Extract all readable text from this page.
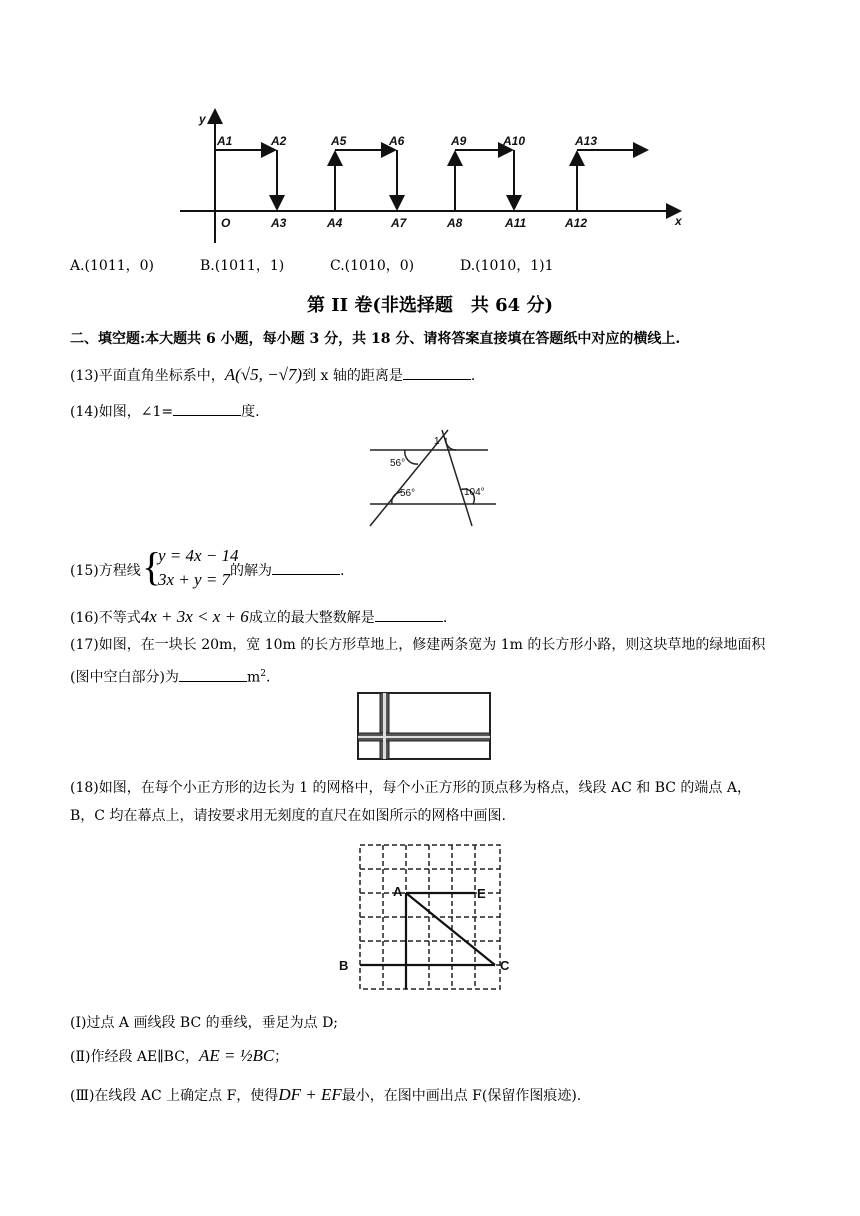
y
x
O
A1	A2
A3	A4
A5	A6
A7	A8
A9	A10
A11	A12
A13
A.(1011，0)	B.(1011，1)	C.(1010，0)	D.(1010，1)1
第 II 卷(非选择题　共 64 分)
二、填空题:本大题共 6 小题，每小题 3 分，共 18 分、请将答案直接填在答题纸中对应的横线上.
(13)平面直角坐标系中，A(√5, −√7)到 x 轴的距离是	.
(14)如图，∠1=	度.
1
56°
56°	104°
(15)方程线 {
y = 4x − 14
3x + y = 7 的解为	.
(16)不等式4x + 3x < x + 6成立的最大整数解是	.
(17)如图，在一块长 20m，宽 10m 的长方形草地上，修建两条宽为 1m 的长方形小路，则这块草地的绿地面积
(图中空白部分)为	$m^2$.
(18)如图，在每个小正方形的边长为 1 的网格中，每个小正方形的顶点移为格点，线段 AC 和 BC 的端点 A，
B，C 均在幕点上，请按要求用无刻度的直尺在如图所示的网格中画图.
A
B	C
E
(Ⅰ)过点 A 画线段 BC 的垂线，垂足为点 D;
(Ⅱ)作经段 AE∥BC，AE = ½BC；
(Ⅲ)在线段 AC 上确定点 F，使得DF + EF最小，在图中画出点 F(保留作图痕迹).
